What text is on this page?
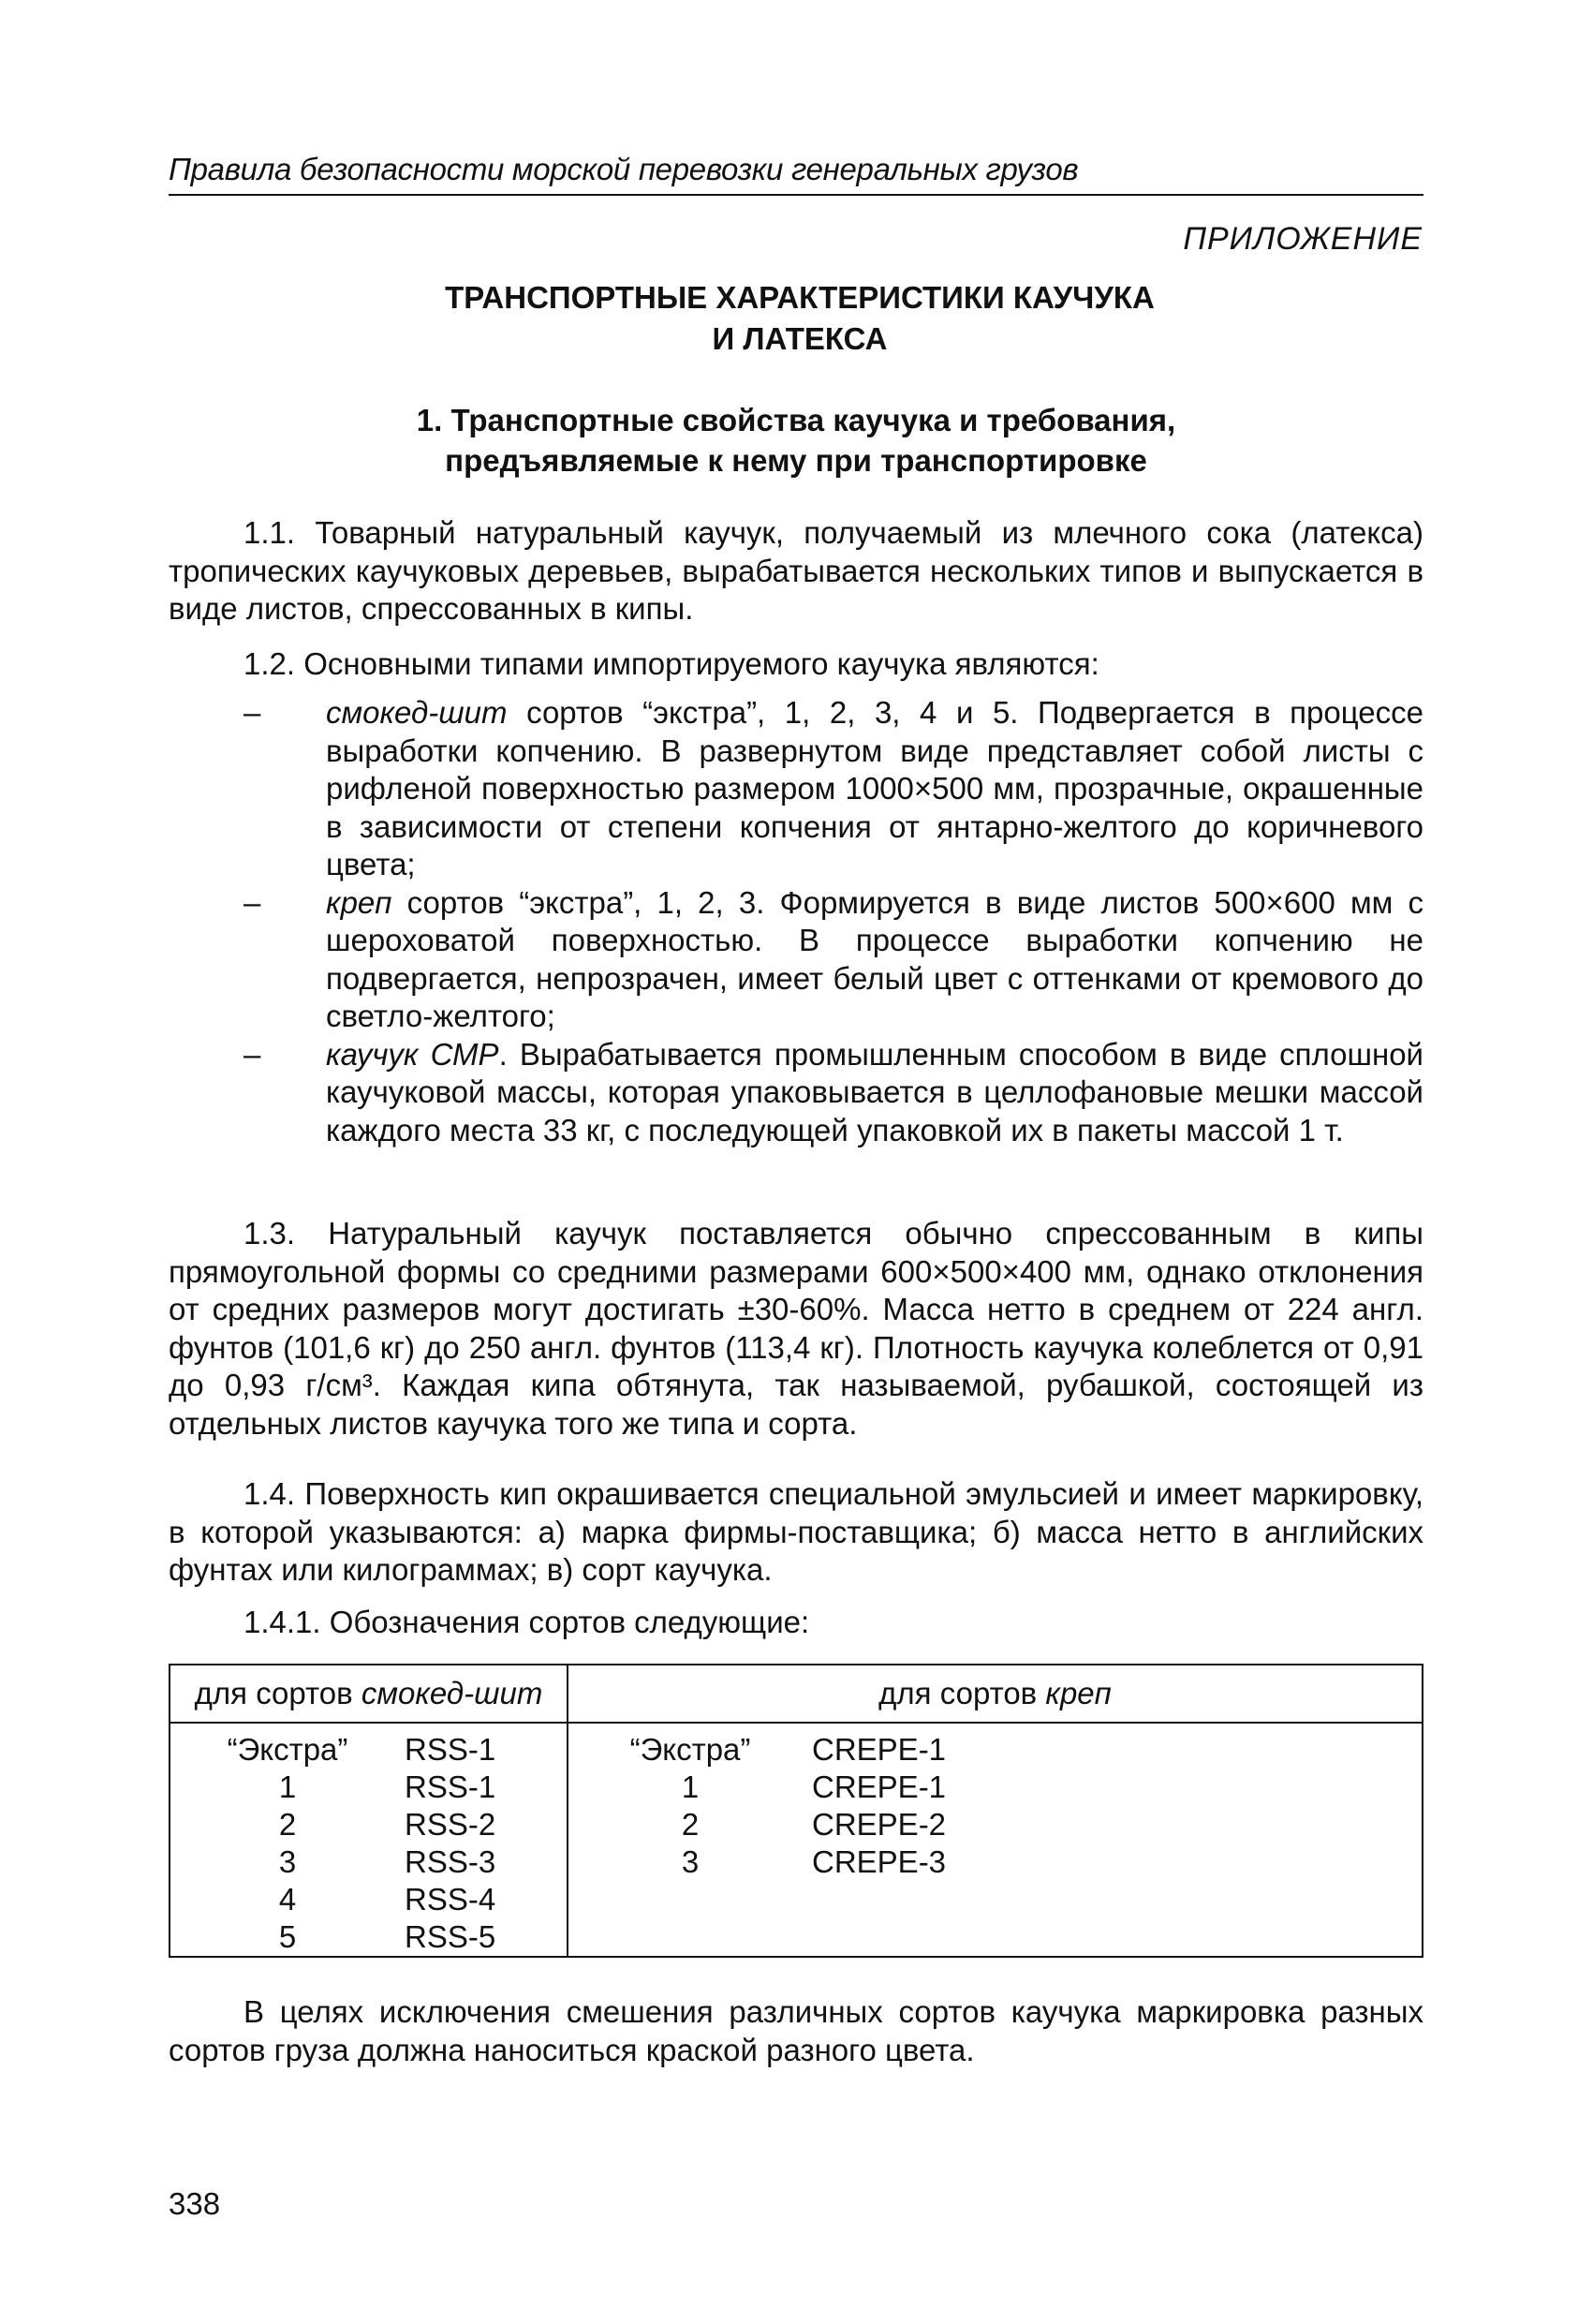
Правила безопасности морской перевозки генеральных грузов
ПРИЛОЖЕНИЕ
ТРАНСПОРТНЫЕ ХАРАКТЕРИСТИКИ КАУЧУКА
И ЛАТЕКСА
1. Транспортные свойства каучука и требования,
предъявляемые к нему при транспортировке

1.1. Товарный натуральный каучук, получаемый из млечного сока (латекса) тропических каучуковых деревьев, вырабатывается нескольких типов и выпускается в виде листов, спрессованных в кипы.

1.2. Основными типами импортируемого каучука являются:

– смокед-шит сортов “экстра”, 1, 2, 3, 4 и 5. Подвергается в процессе выработки копчению. В развернутом виде представляет собой листы с рифленой поверхностью размером 1000×500 мм, прозрачные, окрашенные в зависимости от степени копчения от янтарно-желтого до коричневого цвета;
– креп сортов “экстра”, 1, 2, 3. Формируется в виде листов 500×600 мм с шероховатой поверхностью. В процессе выработки копчению не подвергается, непрозрачен, имеет белый цвет с оттенками от кремового до светло-желтого;
– каучук СМР. Вырабатывается промышленным способом в виде сплошной каучуковой массы, которая упаковывается в целлофановые мешки массой каждого места 33 кг, с последующей упаковкой их в пакеты массой 1 т.

1.3. Натуральный каучук поставляется обычно спрессованным в кипы прямоугольной формы со средними размерами 600×500×400 мм, однако отклонения от средних размеров могут достигать ±30-60%. Масса нетто в среднем от 224 англ. фунтов (101,6 кг) до 250 англ. фунтов (113,4 кг). Плотность каучука колеблется от 0,91 до 0,93 г/см³. Каждая кипа обтянута, так называемой, рубашкой, состоящей из отдельных листов каучука того же типа и сорта.

1.4. Поверхность кип окрашивается специальной эмульсией и имеет маркировку, в которой указываются: а) марка фирмы-поставщика; б) масса нетто в английских фунтах или килограммах; в) сорт каучука.

1.4.1. Обозначения сортов следующие:

для сортов смокед-шит		для сортов креп	
“Экстра”	RSS-1	“Экстра”	CREPE-1
1	RSS-1	1	CREPE-1
2	RSS-2	2	CREPE-2
3	RSS-3	3	CREPE-3
4	RSS-4		
5	RSS-5		

В целях исключения смешения различных сортов каучука маркировка разных сортов груза должна наноситься краской разного цвета.

338
